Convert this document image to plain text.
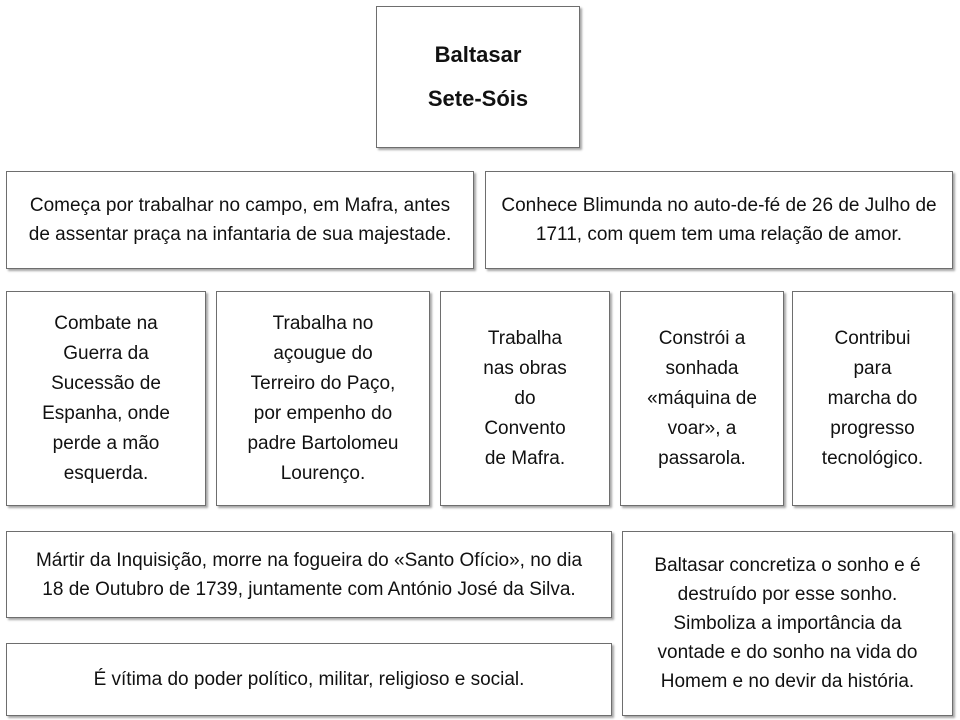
Baltasar
Sete-Sóis
Começa por trabalhar no campo, em Mafra, antes
de assentar praça na infantaria de sua majestade.
Conhece Blimunda no auto-de-fé de 26 de Julho de
1711, com quem tem uma relação de amor.
Combate na
Guerra da
Sucessão de
Espanha, onde
perde a mão
esquerda.
Trabalha no
açougue do
Terreiro do Paço,
por empenho do
padre Bartolomeu
Lourenço.
Trabalha
nas obras
do
Convento
de Mafra.
Constrói a
sonhada
«máquina de
voar», a
passarola.
Contribui
para
marcha do
progresso
tecnológico.
Mártir da Inquisição, morre na fogueira do «Santo Ofício», no dia
18 de Outubro de 1739, juntamente com António José da Silva.
É vítima do poder político, militar, religioso e social.
Baltasar concretiza o sonho e é
destruído por esse sonho.
Simboliza a importância da
vontade e do sonho na vida do
Homem e no devir da história.
